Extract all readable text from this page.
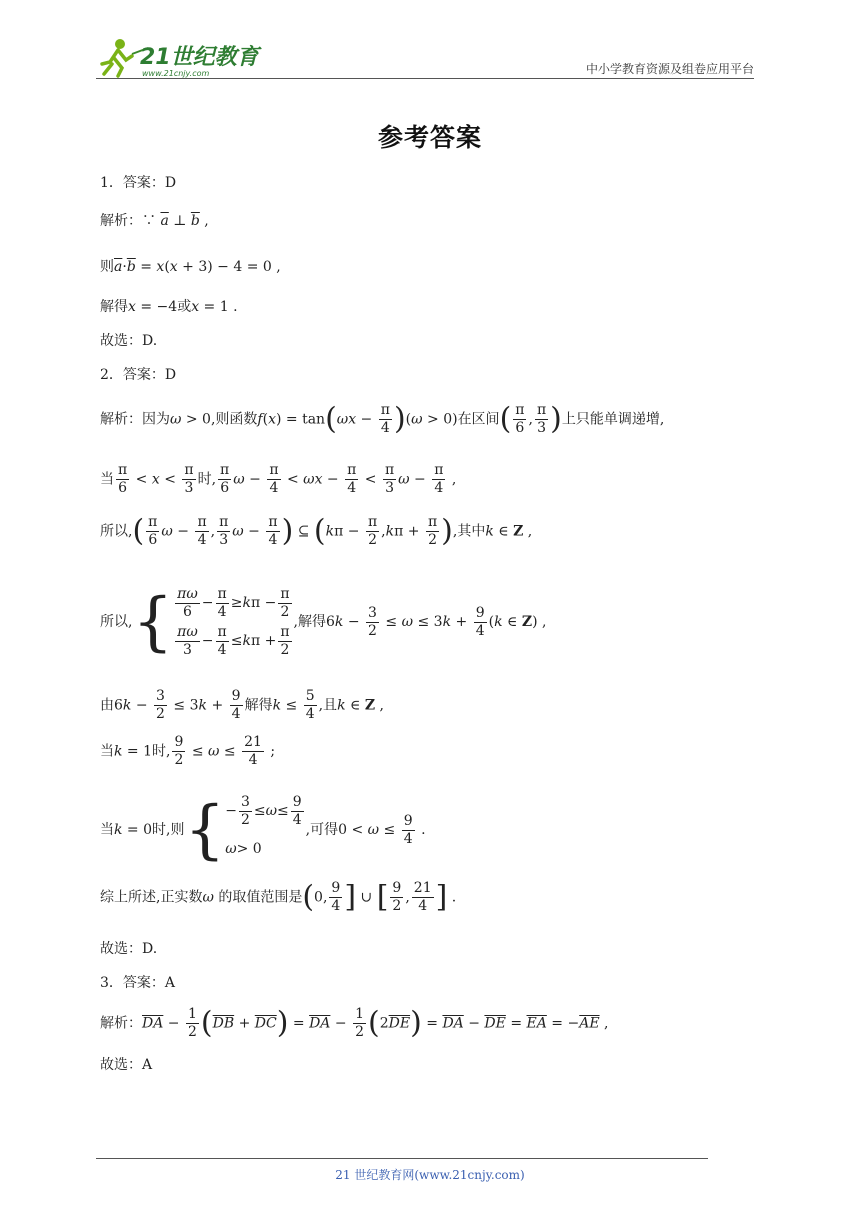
21世纪教育
www.21cnjy.com	中小学教育资源及组卷应用平台
参考答案
1．答案：D
解析：∵ $\overline{a}$ ⊥ $\overline{b}$ ,
则$\overline{a}\cdot\overline{b} = x(x + 3) - 4 = 0$ ,
解得x = −4或x = 1 .
故选：D.
2．答案：D
解析：因为ω > 0,则函数$f(x) = \tan(\omega x - \frac{\pi}{4} )(\omega > 0)$在区间( $\frac{\pi}{6}$ , $\frac{\pi}{3}$ )上只能单调递增,
当 $\frac{\pi}{6} < x < \frac{\pi}{3}$ 时, $\frac{\pi}{6}$ $\omega - \frac{\pi}{4} < \omega x - \frac{\pi}{4} < \frac{\pi}{3}$ $\omega - \frac{\pi}{4}$ ,
所以,( $\frac{\pi}{6}$ $\omega - \frac{\pi}{4}$ , $\frac{\pi}{3}$ $\omega - \frac{\pi}{4}$ ) ⊆ ($k\pi - \frac{\pi}{2} ,k\pi + \frac{\pi}{2}$ ),其中k ∈ Z ,
所以,{ $\frac{\pi\omega}{6} - \frac{\pi}{4} \ge k$ $\pi - \frac{\pi}{2}$
$\frac{\pi\omega}{3} - \frac{\pi}{4} \le k$ $\pi + \frac{\pi}{2}$
,解得$6k - \frac{3}{2} \le \omega \le 3k + \frac{9}{4} (k$ ∈ Z) ,
由$6k - \frac{3}{2} \le 3k + \frac{9}{4}$ 解得$k \le \frac{5}{4}$ ,且k ∈ Z ,
当k = 1时, $\frac{9}{2} \le \omega \le \frac{21}{4}$ ;
当k = 0时,则{ − $\frac{3}{2} \le \omega \le \frac{9}{4}$
ω > 0
,可得$0 < \omega \le \frac{9}{4}$ .
综上所述,正实数ω 的取值范围是(0, $\frac{9}{4}$ ] ∪ [ $\frac{9}{2}$ , $\frac{21}{4}$ ] .
故选：D.
3．答案：A
解析：$\overline{DA} - \frac{1}{2} (\overline{DB} + \overline{DC}) = \overline{DA} - \frac{1}{2} (2\overline{DE}) = \overline{DA} - \overline{DE} = \overline{EA} = -\overline{AE}$ ,
故选：A
21 世纪教育网(www.21cnjy.com)
